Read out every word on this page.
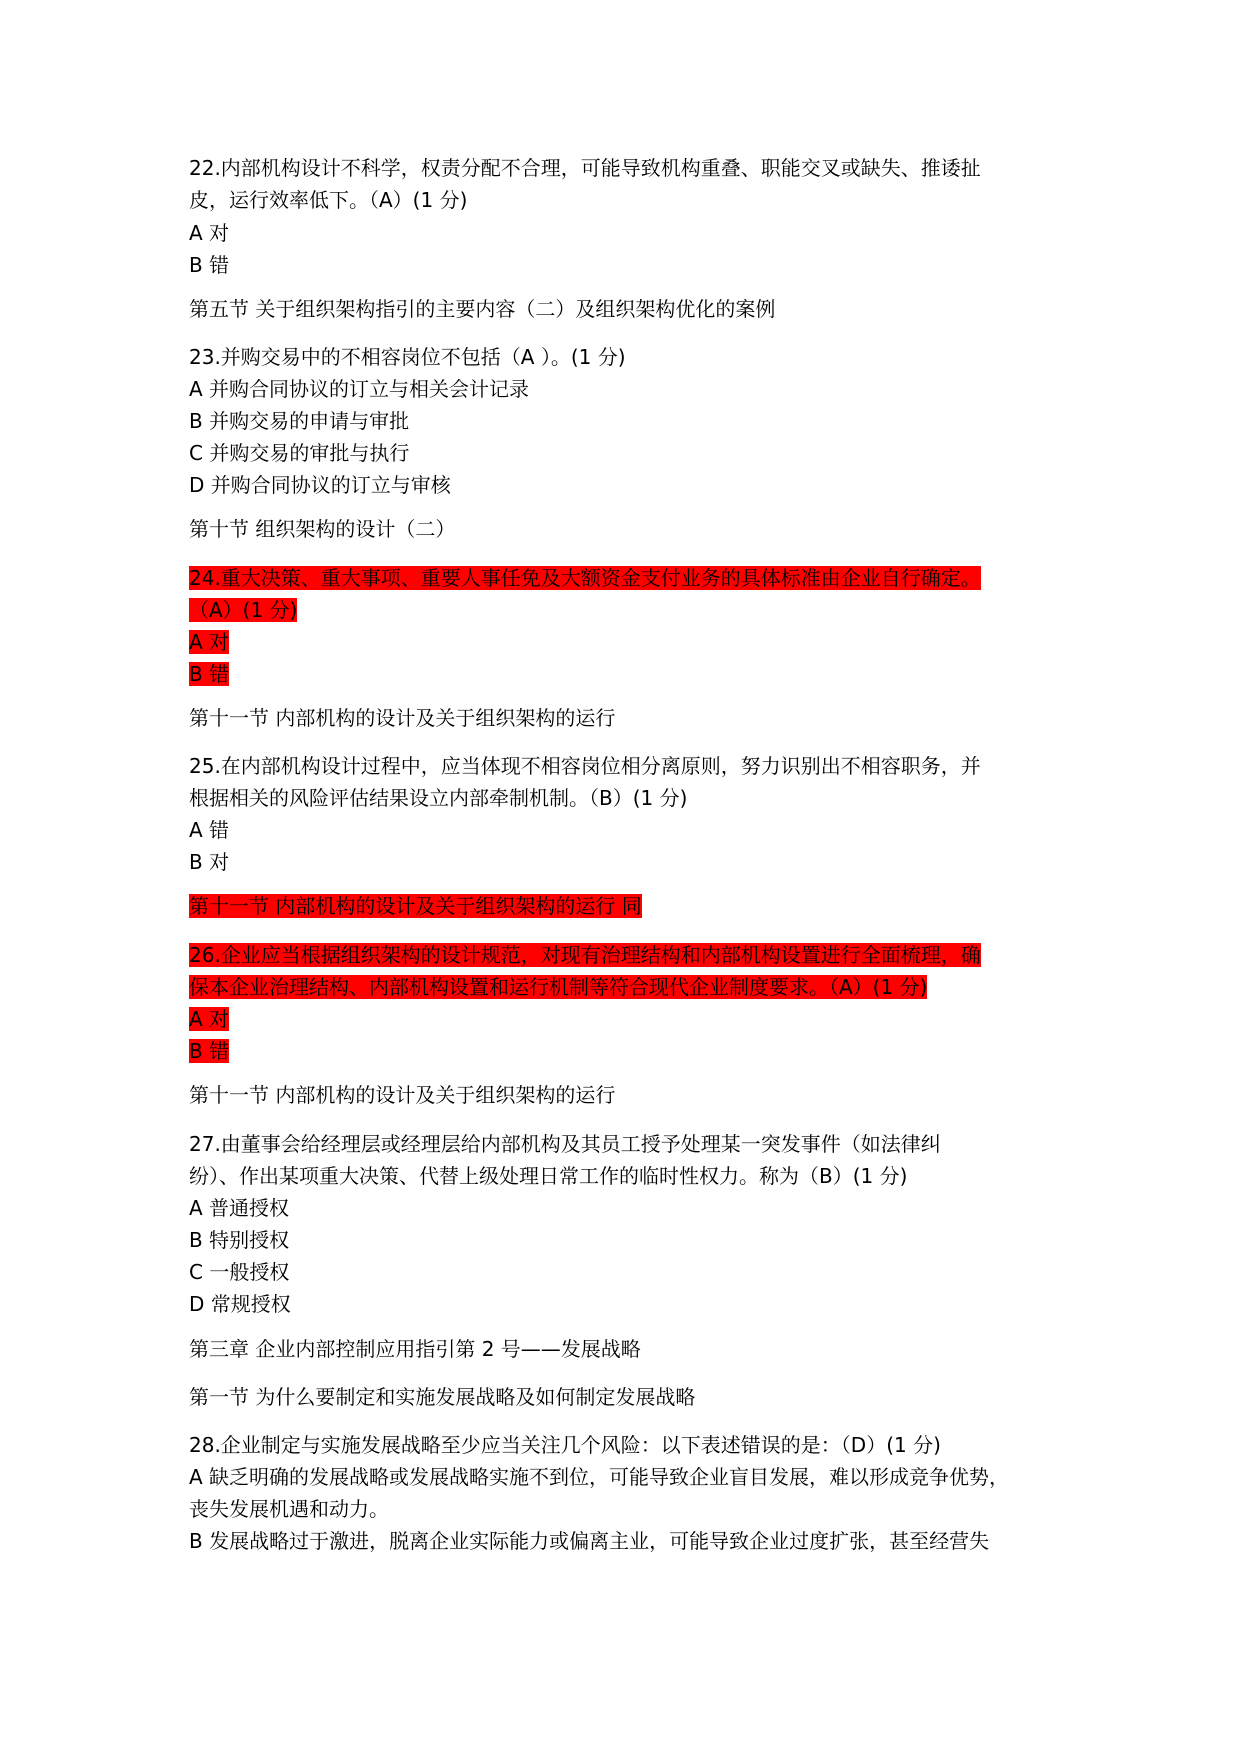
22.内部机构设计不科学，权责分配不合理，可能导致机构重叠、职能交叉或缺失、推诿扯
皮，运行效率低下。（A）(1 分)
A 对
B 错
第五节 关于组织架构指引的主要内容（二）及组织架构优化的案例
23.并购交易中的不相容岗位不包括（A ）。(1 分)
A 并购合同协议的订立与相关会计记录
B 并购交易的申请与审批
C 并购交易的审批与执行
D 并购合同协议的订立与审核
第十节 组织架构的设计（二）
24.重大决策、重大事项、重要人事任免及大额资金支付业务的具体标准由企业自行确定。
（A）(1 分)
A 对
B 错
第十一节 内部机构的设计及关于组织架构的运行
25.在内部机构设计过程中，应当体现不相容岗位相分离原则，努力识别出不相容职务，并
根据相关的风险评估结果设立内部牵制机制。（B）(1 分)
A 错
B 对
第十一节 内部机构的设计及关于组织架构的运行 同
26.企业应当根据组织架构的设计规范，对现有治理结构和内部机构设置进行全面梳理，确
保本企业治理结构、内部机构设置和运行机制等符合现代企业制度要求。（A）(1 分)
A 对
B 错
第十一节 内部机构的设计及关于组织架构的运行
27.由董事会给经理层或经理层给内部机构及其员工授予处理某一突发事件（如法律纠
纷）、作出某项重大决策、代替上级处理日常工作的临时性权力。称为（B）(1 分)
A 普通授权
B 特别授权
C 一般授权
D 常规授权
第三章 企业内部控制应用指引第 2 号——发展战略
第一节 为什么要制定和实施发展战略及如何制定发展战略
28.企业制定与实施发展战略至少应当关注几个风险：以下表述错误的是：（D）(1 分)
A 缺乏明确的发展战略或发展战略实施不到位，可能导致企业盲目发展，难以形成竞争优势，
丧失发展机遇和动力。
B 发展战略过于激进，脱离企业实际能力或偏离主业，可能导致企业过度扩张，甚至经营失
